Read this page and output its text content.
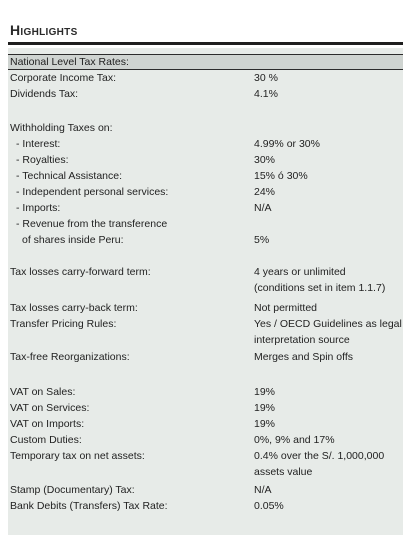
Highlights
National Level Tax Rates:
Corporate Income Tax:	30 %
Dividends Tax:	4.1%
Withholding Taxes on:
- Interest:	4.99% or 30%
- Royalties:	30%
- Technical Assistance:	15% ó 30%
- Independent personal services:	24%
- Imports:	N/A
- Revenue from the transference
of shares inside Peru:	5%
Tax losses carry-forward term:	4 years or unlimited
(conditions set in item 1.1.7)
Tax losses carry-back term:	Not permitted
Transfer Pricing Rules:	Yes / OECD Guidelines as legal
interpretation source
Tax-free Reorganizations:	Merges and Spin offs
VAT on Sales:	19%
VAT on Services:	19%
VAT on Imports:	19%
Custom Duties:	0%, 9% and 17%
Temporary tax on net assets:	0.4% over the S/. 1,000,000
assets value
Stamp (Documentary) Tax:	N/A
Bank Debits (Transfers) Tax Rate:	0.05%
